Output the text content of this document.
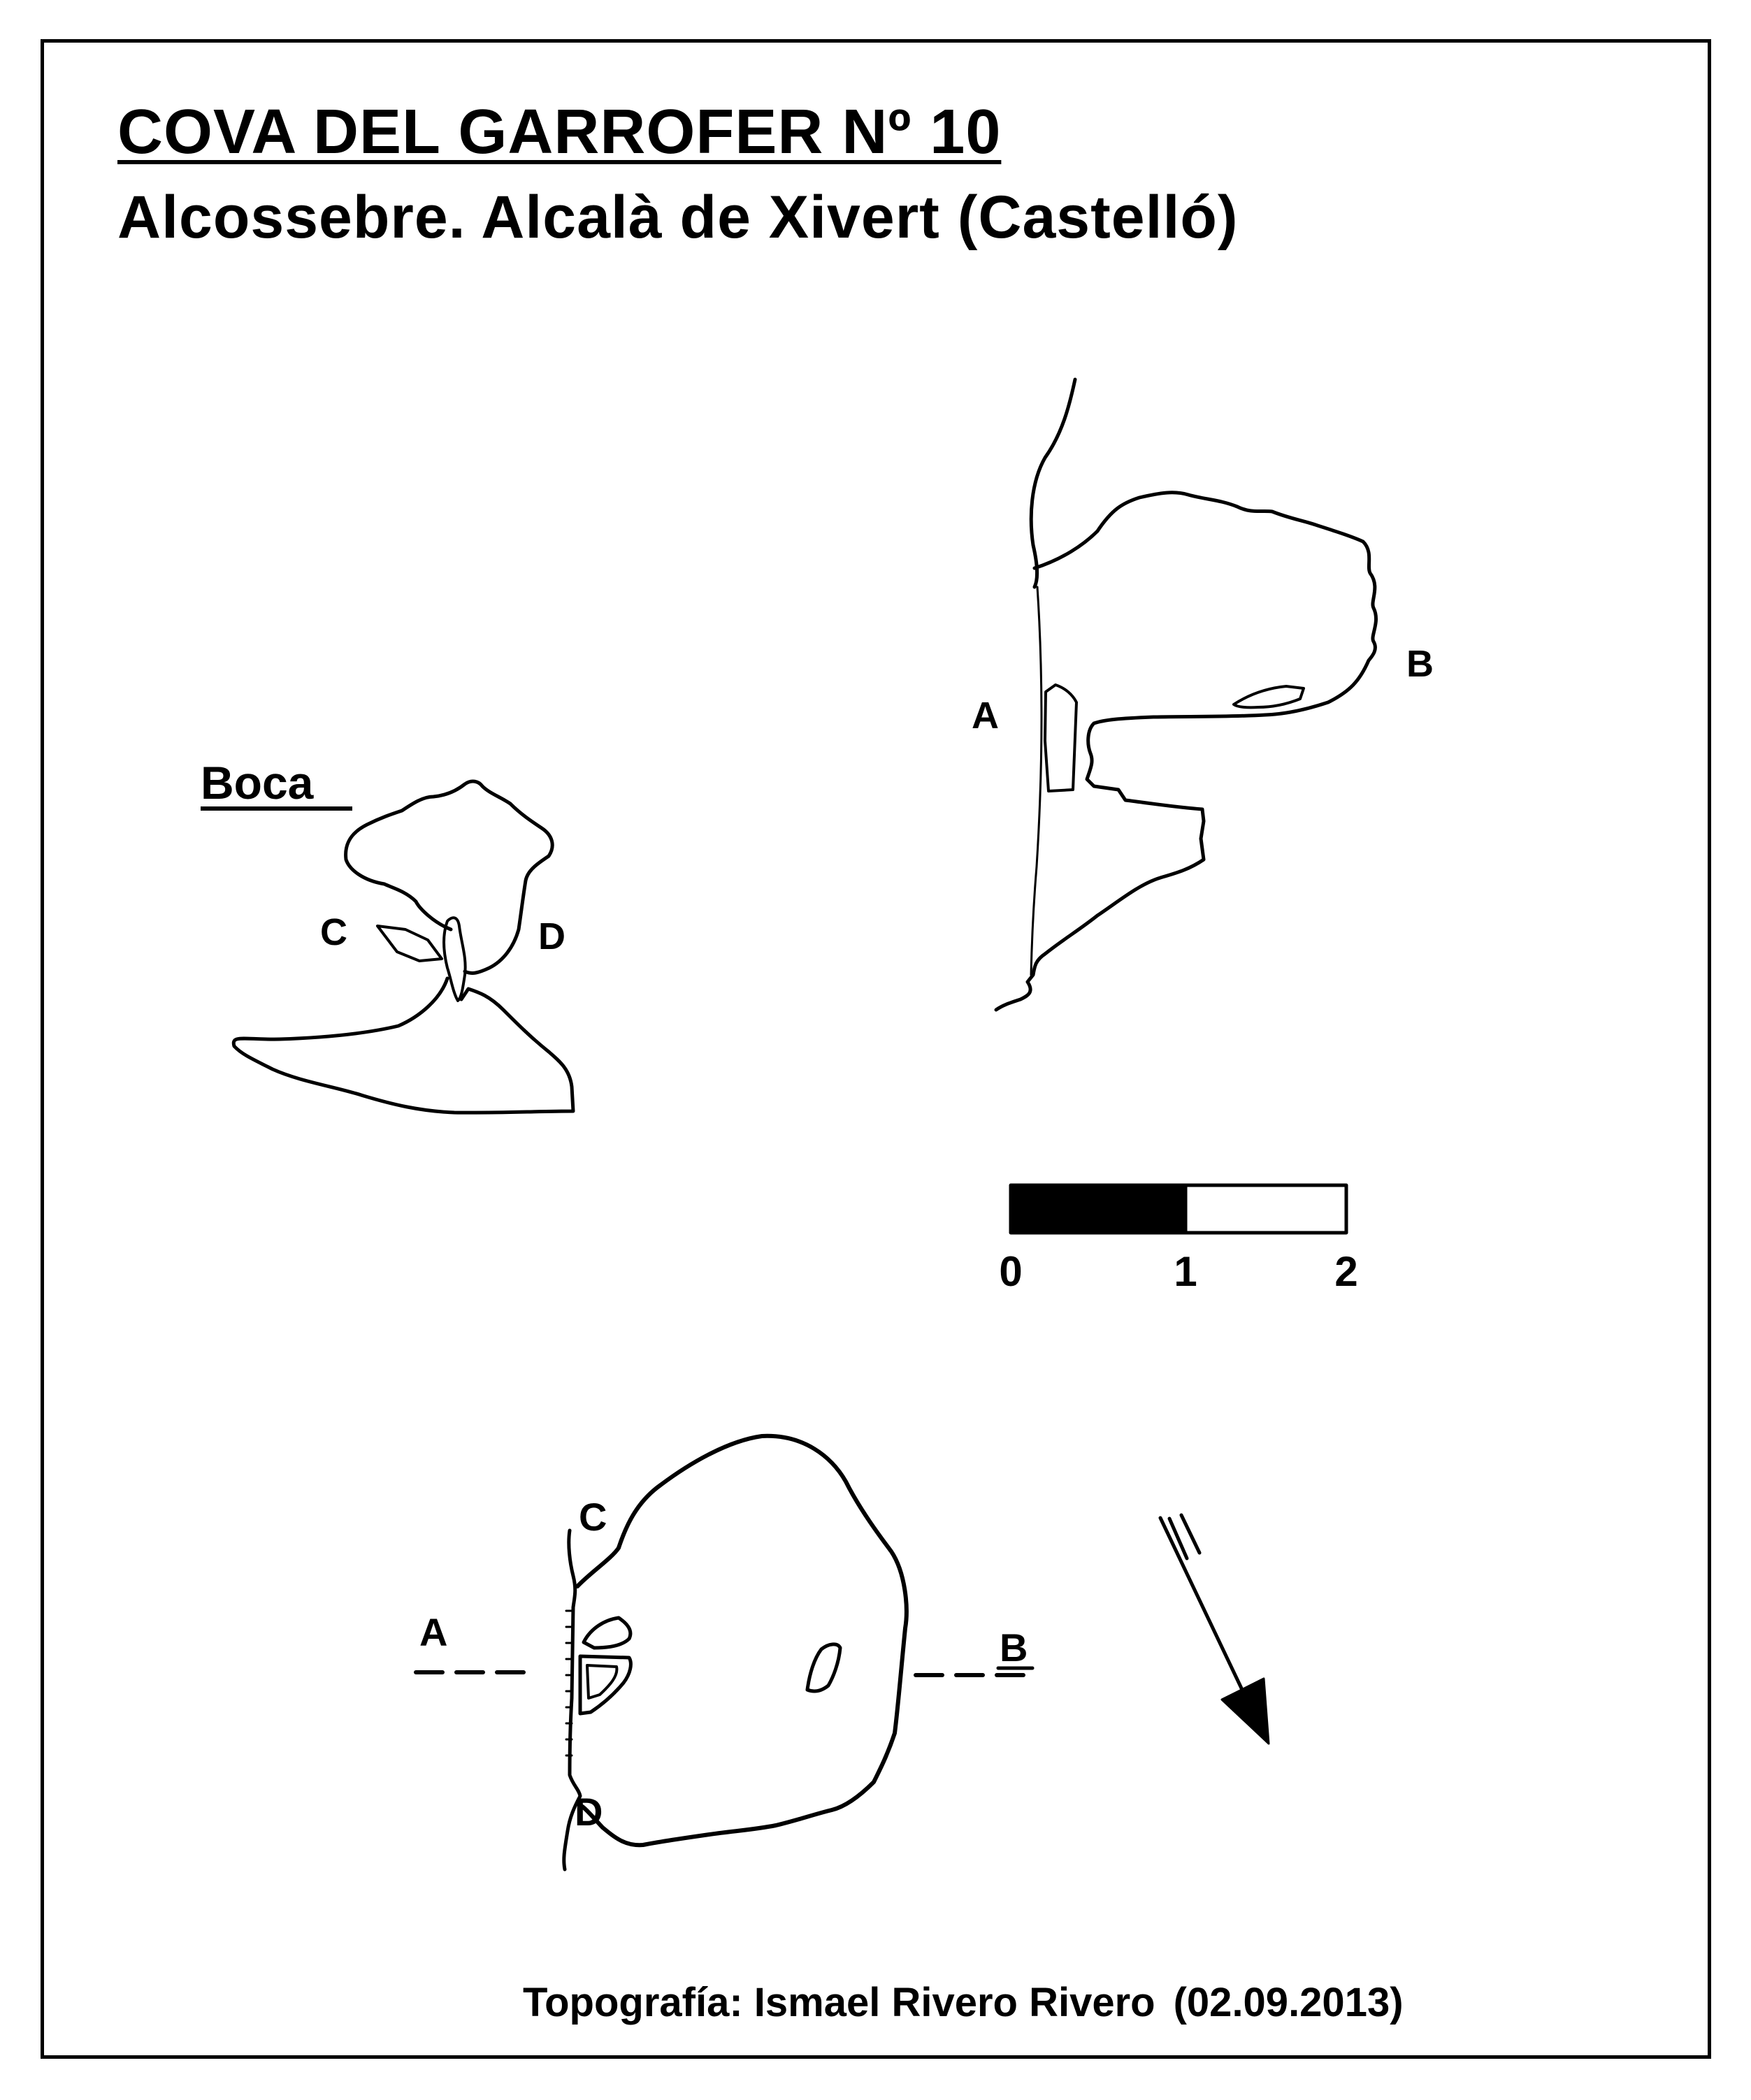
COVA DEL GARROFER Nº 10
Alcossebre. Alcalà de Xivert (Castelló)
A
B
0	1	2
A	B
C
D
Boca
C	D
Topografía: Ismael Rivero Rivero (02.09.2013)
